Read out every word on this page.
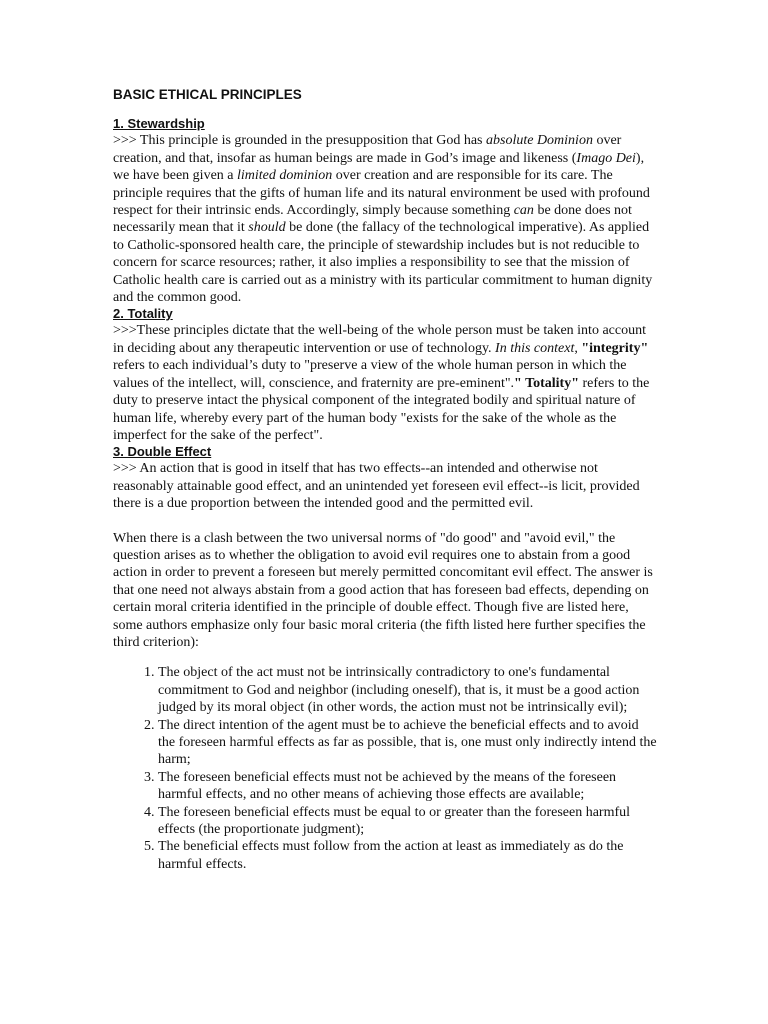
BASIC ETHICAL PRINCIPLES
1. Stewardship

>>> This principle is grounded in the presupposition that God has absolute Dominion over creation, and that, insofar as human beings are made in God’s image and likeness (Imago Dei), we have been given a limited dominion over creation and are responsible for its care. The principle requires that the gifts of human life and its natural environment be used with profound respect for their intrinsic ends. Accordingly, simply because something can be done does not necessarily mean that it should be done (the fallacy of the technological imperative). As applied to Catholic-sponsored health care, the principle of stewardship includes but is not reducible to concern for scarce resources; rather, it also implies a responsibility to see that the mission of Catholic health care is carried out as a ministry with its particular commitment to human dignity and the common good.

2. Totality

>>>These principles dictate that the well-being of the whole person must be taken into account in deciding about any therapeutic intervention or use of technology. In this context, "integrity" refers to each individual’s duty to "preserve a view of the whole human person in which the values of the intellect, will, conscience, and fraternity are pre-eminent"." Totality" refers to the duty to preserve intact the physical component of the integrated bodily and spiritual nature of human life, whereby every part of the human body "exists for the sake of the whole as the imperfect for the sake of the perfect".

3. Double Effect

>>> An action that is good in itself that has two effects--an intended and otherwise not reasonably attainable good effect, and an unintended yet foreseen evil effect--is licit, provided there is a due proportion between the intended good and the permitted evil.

When there is a clash between the two universal norms of "do good" and "avoid evil," the question arises as to whether the obligation to avoid evil requires one to abstain from a good action in order to prevent a foreseen but merely permitted concomitant evil effect. The answer is that one need not always abstain from a good action that has foreseen bad effects, depending on certain moral criteria identified in the principle of double effect. Though five are listed here, some authors emphasize only four basic moral criteria (the fifth listed here further specifies the third criterion):

1. The object of the act must not be intrinsically contradictory to one's fundamental commitment to God and neighbor (including oneself), that is, it must be a good action judged by its moral object (in other words, the action must not be intrinsically evil);
2. The direct intention of the agent must be to achieve the beneficial effects and to avoid the foreseen harmful effects as far as possible, that is, one must only indirectly intend the harm;
3. The foreseen beneficial effects must not be achieved by the means of the foreseen harmful effects, and no other means of achieving those effects are available;
4. The foreseen beneficial effects must be equal to or greater than the foreseen harmful effects (the proportionate judgment);
5. The beneficial effects must follow from the action at least as immediately as do the harmful effects.
